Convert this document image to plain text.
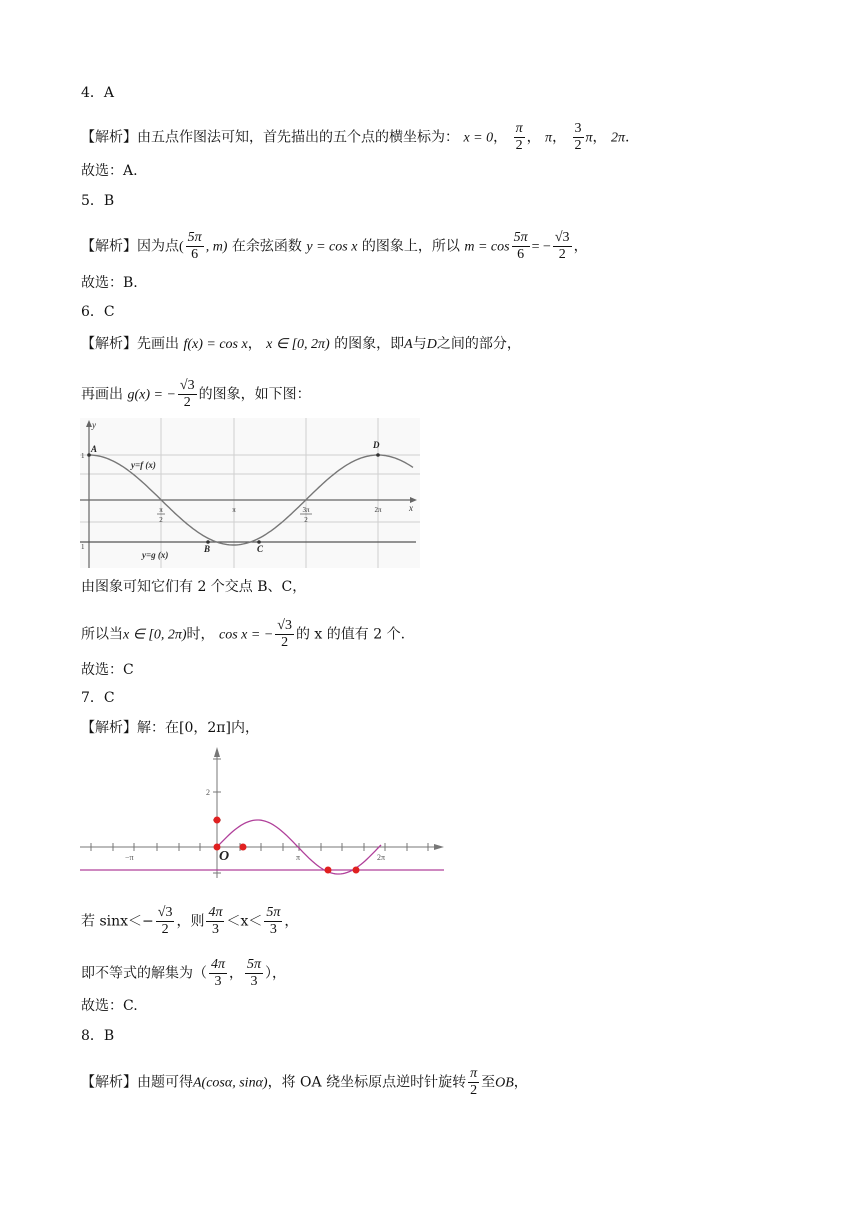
4．A
【解析】由五点作图法可知，首先描出的五个点的横坐标为： x = 0， $\frac{\pi}{2}$ ， π， $\frac{3}{2}$ π， 2π.
故选：A.
5．B
【解析】因为点( $\frac{5\pi}{6}$ , m) 在余弦函数 y = cos x 的图象上，所以 $m = \cos \frac{5\pi}{6}$ = − $\frac{√3}{2}$ ，
故选：B.
6．C
【解析】先画出 f(x) = cos x， x ∈ [0, 2π) 的图象，即A与D之间的部分，
再画出 g(x) = − $\frac{√3}{2}$ 的图象，如下图：
y
x
1
1
A
B	C
D
y=f (x)
y=g (x)
π
2
π	3π
2
2π
由图象可知它们有 2 个交点 B、C，
所以当x ∈ [0, 2π)时， cos x = − $\frac{√3}{2}$ 的 x 的值有 2 个.
故选：C
7．C
【解析】解：在[0，2π]内，
2
−π	π	2π
O
若 $\sin x<- \frac{√3}{2}$ ，则 $\frac{4\pi}{3} <x< \frac{5\pi}{3}$ ，
即不等式的解集为（ $\frac{4\pi}{3}$ ， $\frac{5\pi}{3}$ ），
故选：C.
8．B
【解析】由题可得A(cosα, sinα)，将 OA 绕坐标原点逆时针旋转 $\frac{\pi}{2}$ 至OB，
